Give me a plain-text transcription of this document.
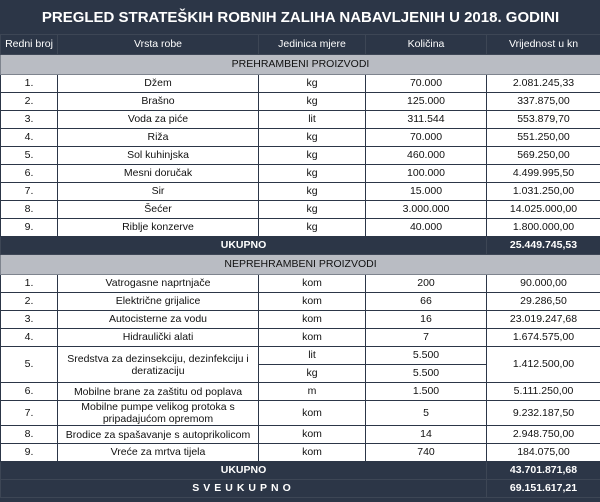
PREGLED STRATEŠKIH ROBNIH ZALIHA NABAVLJENIH U 2018. GODINI				
Redni broj	Vrsta robe	Jedinica mjere	Količina	Vrijednost u kn
PREHRAMBENI PROIZVODI				
1.	Džem	kg	70.000	2.081.245,33
2.	Brašno	kg	125.000	337.875,00
3.	Voda za piće	lit	311.544	553.879,70
4.	Riža	kg	70.000	551.250,00
5.	Sol kuhinjska	kg	460.000	569.250,00
6.	Mesni doručak	kg	100.000	4.499.995,50
7.	Sir	kg	15.000	1.031.250,00
8.	Šećer	kg	3.000.000	14.025.000,00
9.	Riblje konzerve	kg	40.000	1.800.000,00
UKUPNO				25.449.745,53
NEPREHRAMBENI PROIZVODI				
1.	Vatrogasne naprtnjače	kom	200	90.000,00
2.	Električne grijalice	kom	66	29.286,50
3.	Autocisterne za vodu	kom	16	23.019.247,68
4.	Hidraulički alati	kom	7	1.674.575,00
5.	Sredstva za dezinsekciju, dezinfekciju i deratizaciju	lit	5.500	1.412.500,00
		kg	5.500	
6.	Mobilne brane za zaštitu od poplava	m	1.500	5.111.250,00
7.	Mobilne pumpe velikog protoka s pripadajućom opremom	kom	5	9.232.187,50
8.	Brodice za spašavanje s autoprikolicom	kom	14	2.948.750,00
9.	Vreće za mrtva tijela	kom	740	184.075,00
UKUPNO				43.701.871,68
SVEUKUPNO				69.151.617,21
